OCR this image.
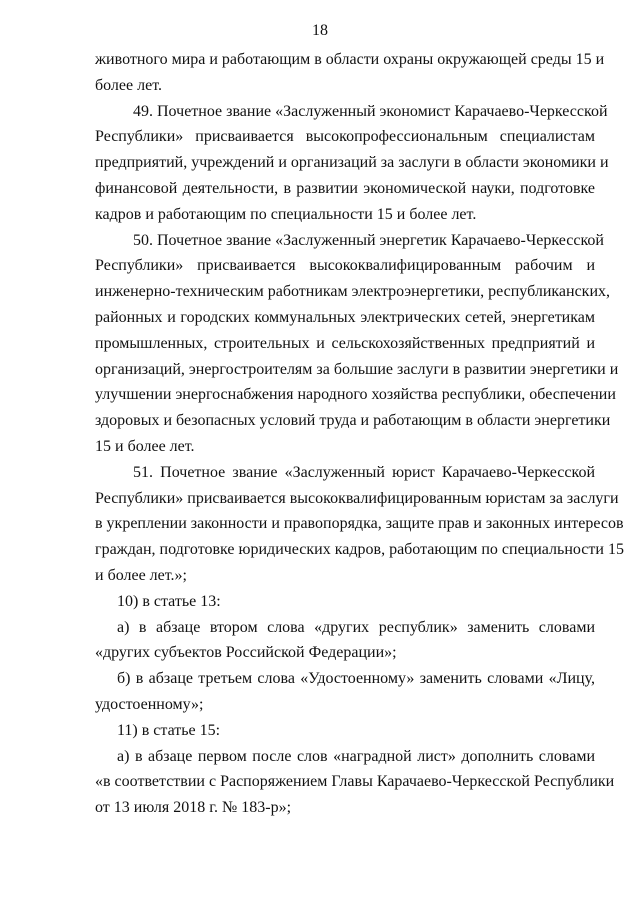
18
животного мира и работающим в области охраны окружающей среды 15 и
более лет.
49. Почетное звание «Заслуженный экономист Карачаево-Черкесской
Республики» присваивается высокопрофессиональным специалистам
предприятий, учреждений и организаций за заслуги в области экономики и
финансовой деятельности, в развитии экономической науки, подготовке
кадров и работающим по специальности 15 и более лет.
50. Почетное звание «Заслуженный энергетик Карачаево-Черкесской
Республики» присваивается высококвалифицированным рабочим и
инженерно-техническим работникам электроэнергетики, республиканских,
районных и городских коммунальных электрических сетей, энергетикам
промышленных, строительных и сельскохозяйственных предприятий и
организаций, энергостроителям за большие заслуги в развитии энергетики и
улучшении энергоснабжения народного хозяйства республики, обеспечении
здоровых и безопасных условий труда и работающим в области энергетики
15 и более лет.
51. Почетное звание «Заслуженный юрист Карачаево-Черкесской
Республики» присваивается высококвалифицированным юристам за заслуги
в укреплении законности и правопорядка, защите прав и законных интересов
граждан, подготовке юридических кадров, работающим по специальности 15
и более лет.»;
10) в статье 13:
а) в абзаце втором слова «других республик» заменить словами
«других субъектов Российской Федерации»;
б) в абзаце третьем слова «Удостоенному» заменить словами «Лицу,
удостоенному»;
11) в статье 15:
а) в абзаце первом после слов «наградной лист» дополнить словами
«в соответствии с Распоряжением Главы Карачаево-Черкесской Республики
от 13 июля 2018 г. № 183-р»;
